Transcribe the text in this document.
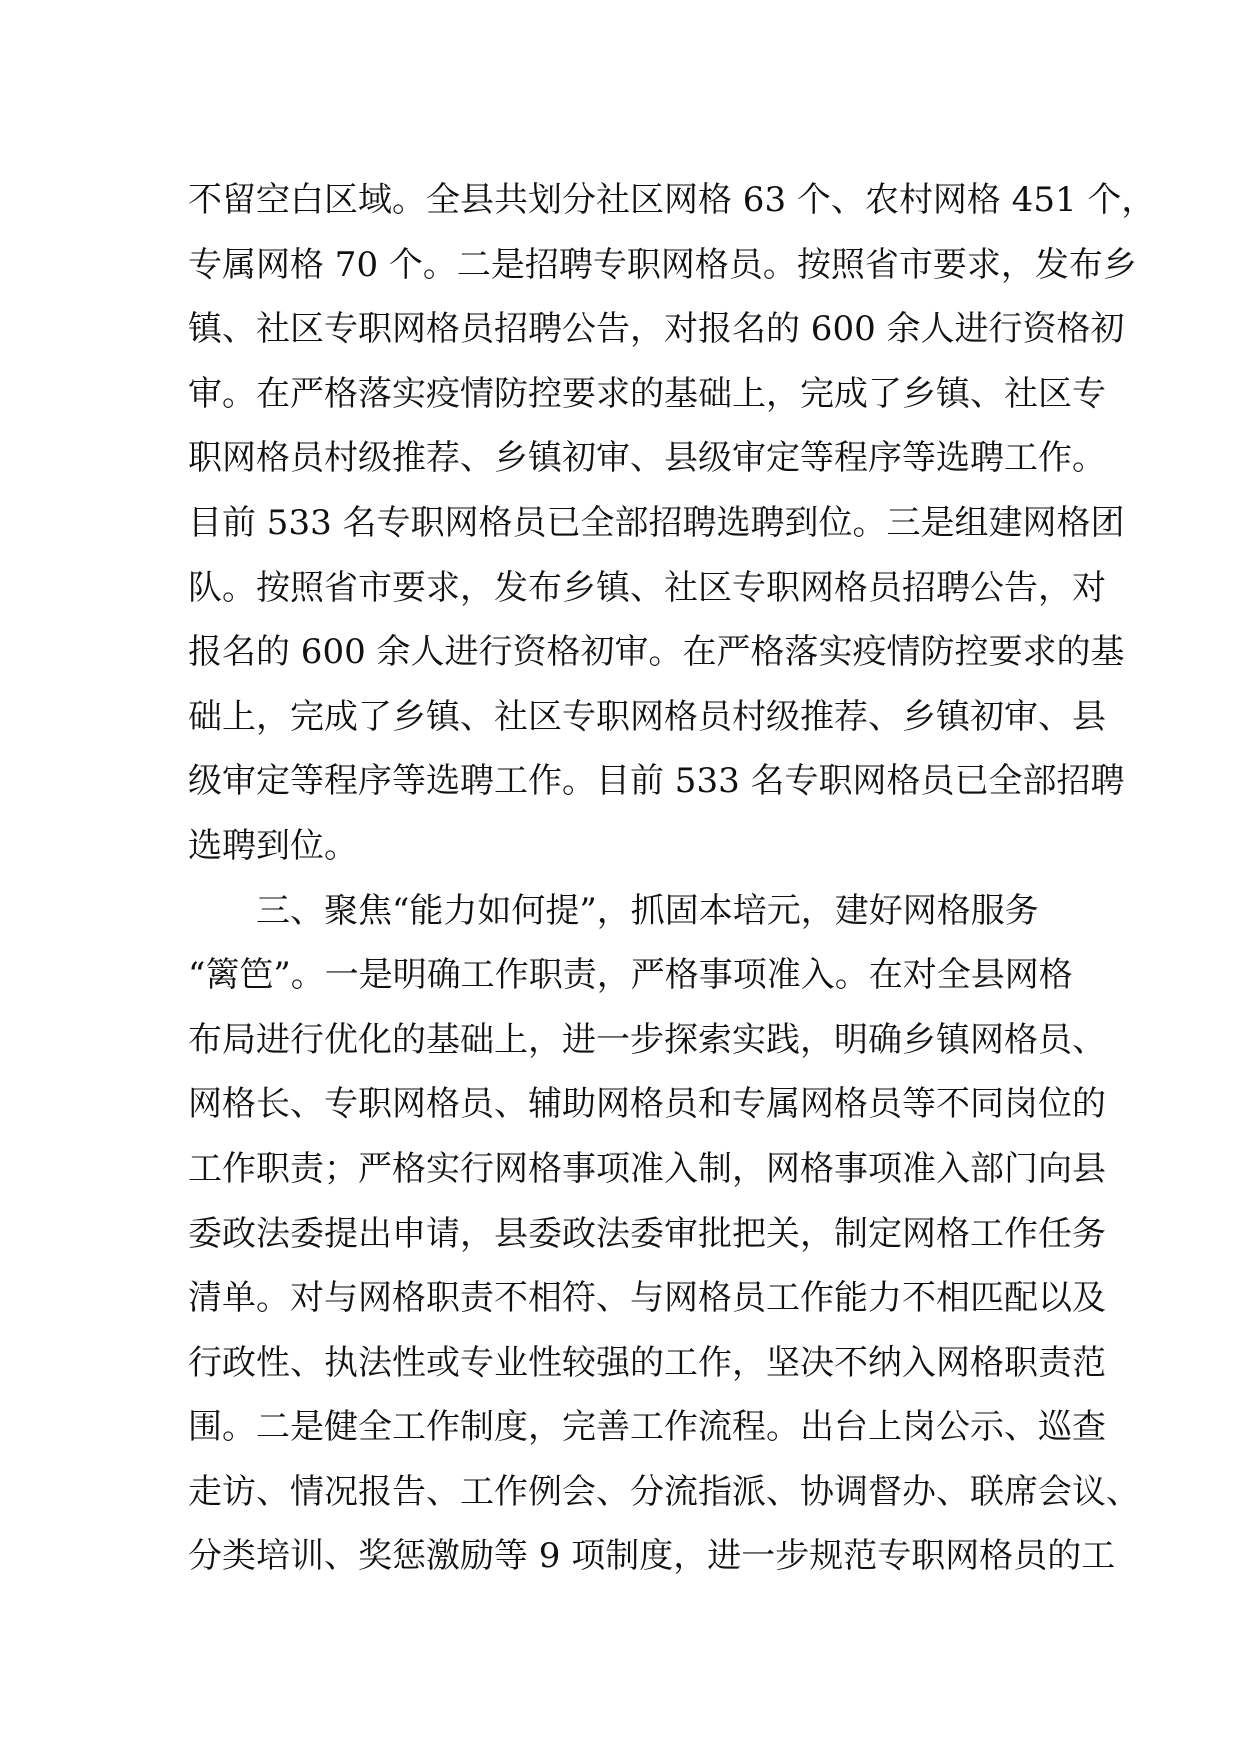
不留空白区域。全县共划分社区网格 63 个、农村网格 451 个，
专属网格 70 个。二是招聘专职网格员。按照省市要求，发布乡
镇、社区专职网格员招聘公告，对报名的 600 余人进行资格初
审。在严格落实疫情防控要求的基础上，完成了乡镇、社区专
职网格员村级推荐、乡镇初审、县级审定等程序等选聘工作。
目前 533 名专职网格员已全部招聘选聘到位。三是组建网格团
队。按照省市要求，发布乡镇、社区专职网格员招聘公告，对
报名的 600 余人进行资格初审。在严格落实疫情防控要求的基
础上，完成了乡镇、社区专职网格员村级推荐、乡镇初审、县
级审定等程序等选聘工作。目前 533 名专职网格员已全部招聘
选聘到位。
　　三、聚焦“能力如何提”，抓固本培元，建好网格服务
“篱笆”。一是明确工作职责，严格事项准入。在对全县网格
布局进行优化的基础上，进一步探索实践，明确乡镇网格员、
网格长、专职网格员、辅助网格员和专属网格员等不同岗位的
工作职责；严格实行网格事项准入制，网格事项准入部门向县
委政法委提出申请，县委政法委审批把关，制定网格工作任务
清单。对与网格职责不相符、与网格员工作能力不相匹配以及
行政性、执法性或专业性较强的工作，坚决不纳入网格职责范
围。二是健全工作制度，完善工作流程。出台上岗公示、巡查
走访、情况报告、工作例会、分流指派、协调督办、联席会议、
分类培训、奖惩激励等 9 项制度，进一步规范专职网格员的工
